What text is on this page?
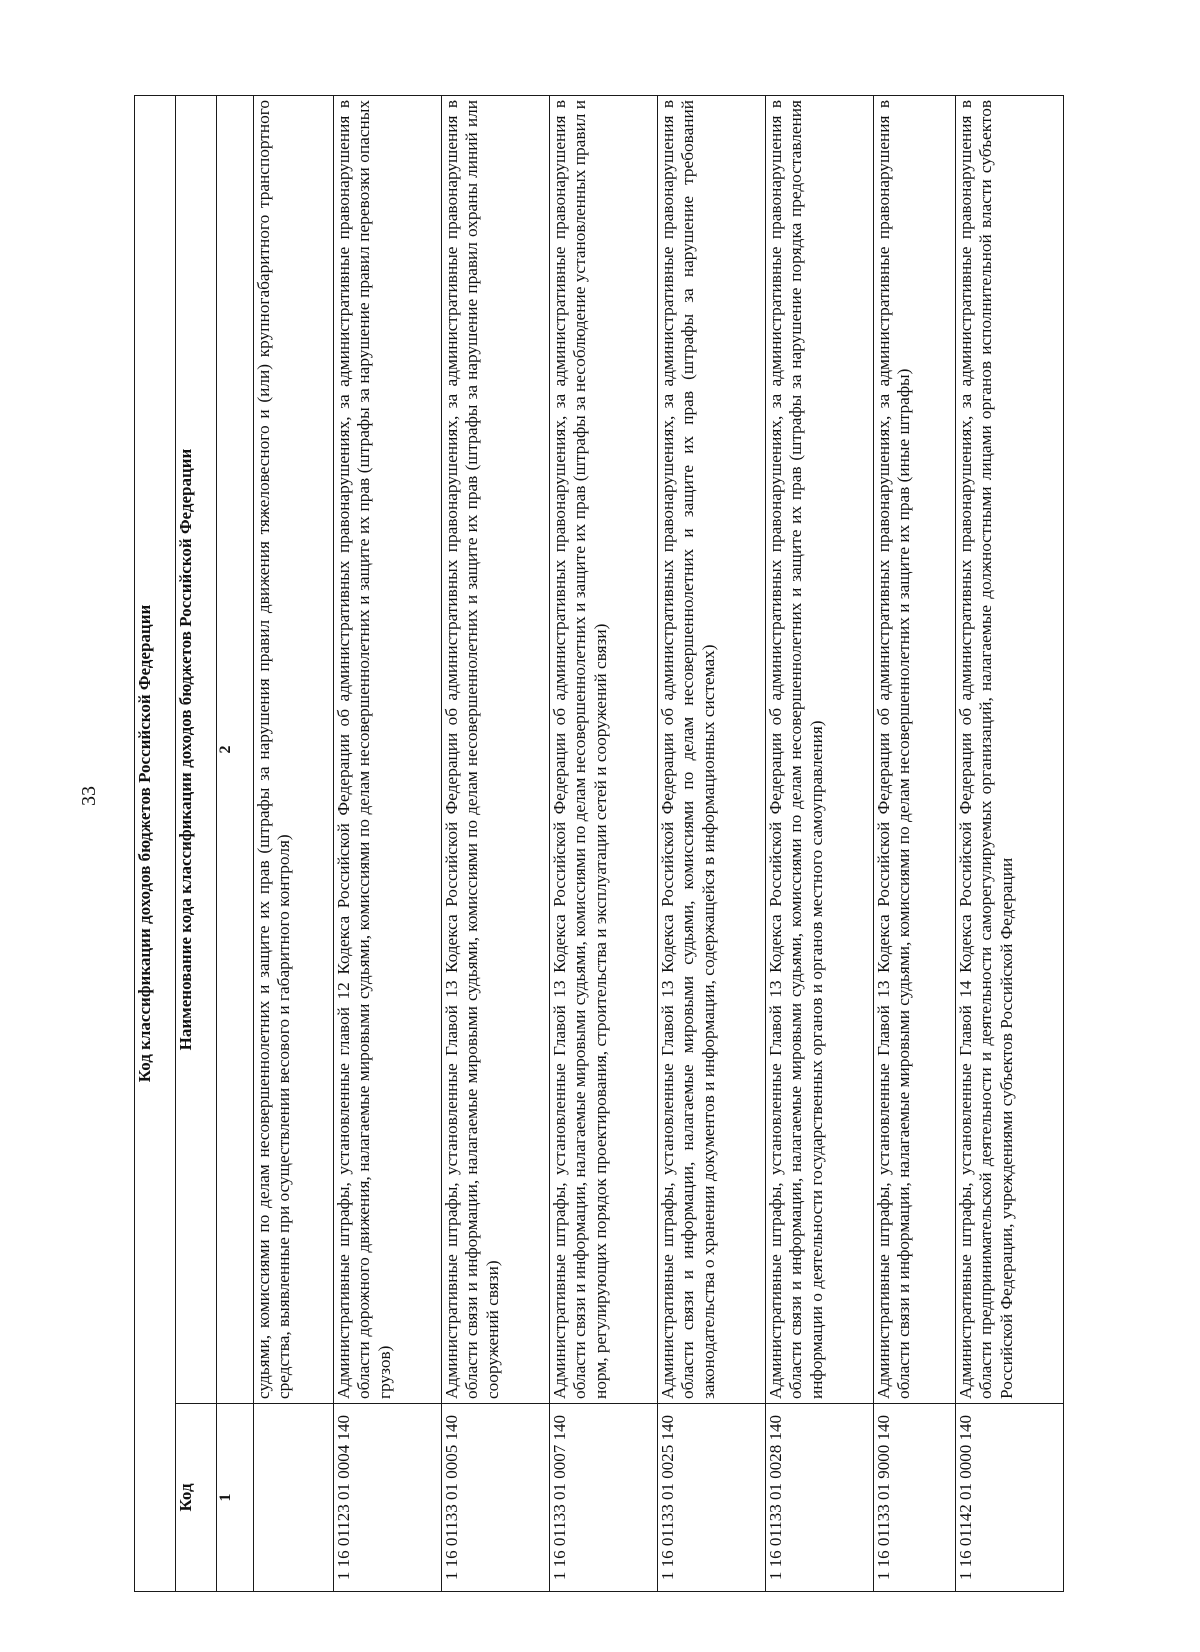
33 Код классификации доходов бюджетов Российской Федерации	
Код	Наименование кода классификации доходов бюджетов Российской Федерации
1	2
	судьями, комиссиями по делам несовершеннолетних и защите их прав (штрафы за нарушения правил движения тяжеловесного и (или) крупногабаритного транспортного средства, выявленные при осуществлении весового и габаритного контроля)
1 16 01123 01 0004 140	Административные штрафы, установленные главой 12 Кодекса Российской Федерации об административных правонарушениях, за административные правонарушения в области дорожного движения, налагаемые мировыми судьями, комиссиями по делам несовершеннолетних и защите их прав (штрафы за нарушение правил перевозки опасных грузов)
1 16 01133 01 0005 140	Административные штрафы, установленные Главой 13 Кодекса Российской Федерации об административных правонарушениях, за административные правонарушения в области связи и информации, налагаемые мировыми судьями, комиссиями по делам несовершеннолетних и защите их прав (штрафы за нарушение правил охраны линий или сооружений связи)
1 16 01133 01 0007 140	Административные штрафы, установленные Главой 13 Кодекса Российской Федерации об административных правонарушениях, за административные правонарушения в области связи и информации, налагаемые мировыми судьями, комиссиями по делам несовершеннолетних и защите их прав (штрафы за несоблюдение установленных правил и норм, регулирующих порядок проектирования, строительства и эксплуатации сетей и сооружений связи)
1 16 01133 01 0025 140	Административные штрафы, установленные Главой 13 Кодекса Российской Федерации об административных правонарушениях, за административные правонарушения в области связи и информации, налагаемые мировыми судьями, комиссиями по делам несовершеннолетних и защите их прав (штрафы за нарушение требований законодательства о хранении документов и информации, содержащейся в информационных системах)
1 16 01133 01 0028 140	Административные штрафы, установленные Главой 13 Кодекса Российской Федерации об административных правонарушениях, за административные правонарушения в области связи и информации, налагаемые мировыми судьями, комиссиями по делам несовершеннолетних и защите их прав (штрафы за нарушение порядка предоставления информации о деятельности государственных органов и органов местного самоуправления)
1 16 01133 01 9000 140	Административные штрафы, установленные Главой 13 Кодекса Российской Федерации об административных правонарушениях, за административные правонарушения в области связи и информации, налагаемые мировыми судьями, комиссиями по делам несовершеннолетних и защите их прав (иные штрафы)
1 16 01142 01 0000 140	Административные штрафы, установленные Главой 14 Кодекса Российской Федерации об административных правонарушениях, за административные правонарушения в области предпринимательской деятельности и деятельности саморегулируемых организаций, налагаемые должностными лицами органов исполнительной власти субъектов Российской Федерации, учреждениями субъектов Российской Федерации
